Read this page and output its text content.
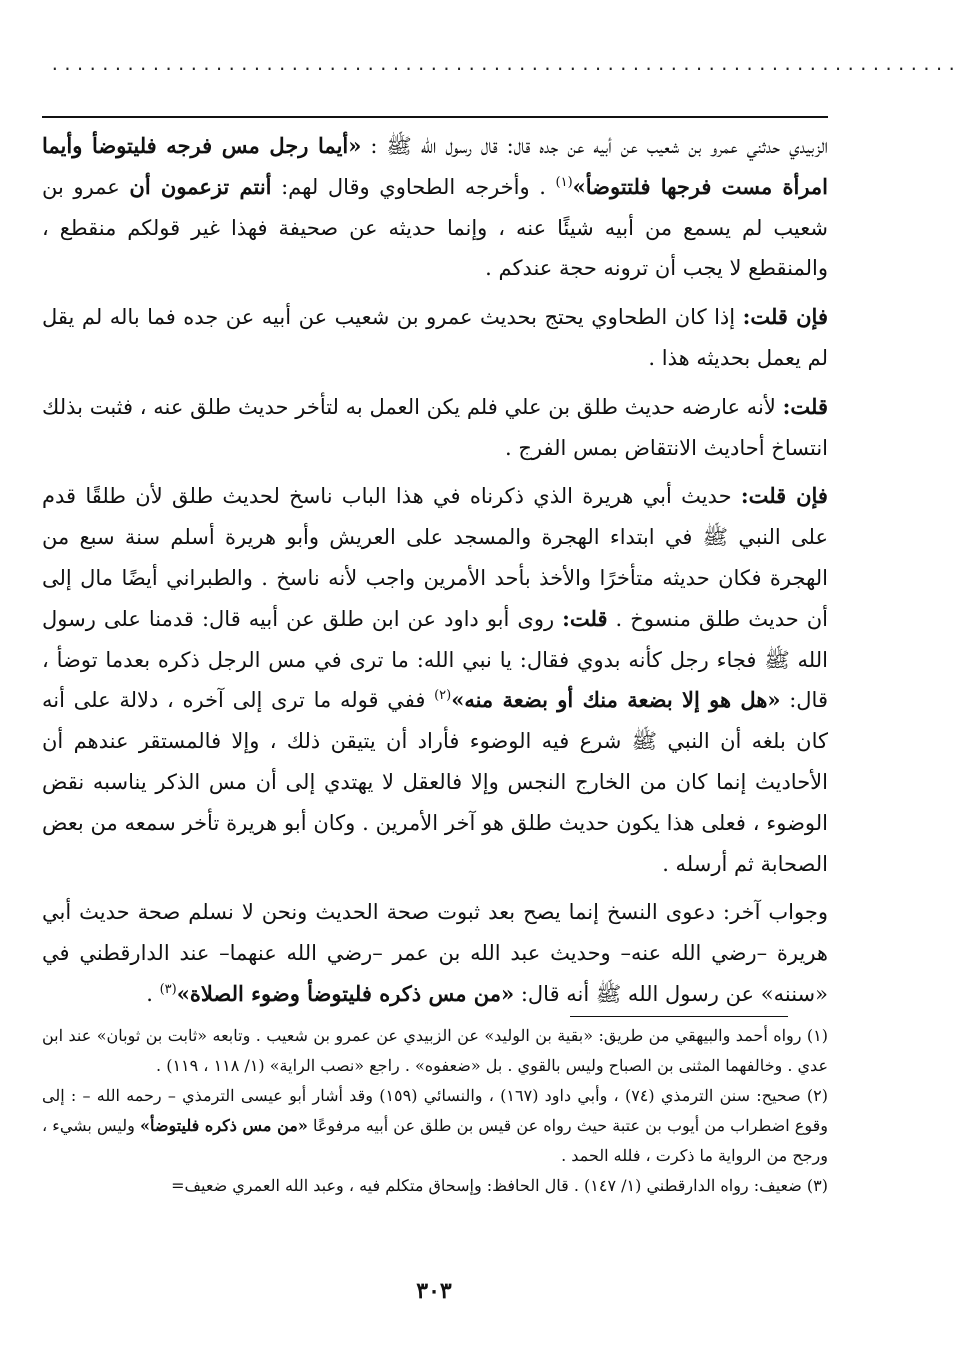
........................................................................

الزبيدي حدثني عمرو بن شعيب عن أبيه عن جده قال: قال رسول الله ﷺ : «أيما رجل مس فرجه فليتوضأ وأيما امرأة مست فرجها فلتتوضأ»$^{(١)}$ . وأخرجه الطحاوي وقال لهم: أنتم تزعمون أن عمرو بن شعيب لم يسمع من أبيه شيئًا عنه ، وإنما حديثه عن صحيفة فهذا غير قولكم منقطع ، والمنقطع لا يجب أن ترونه حجة عندكم .

فإن قلت: إذا كان الطحاوي يحتج بحديث عمرو بن شعيب عن أبيه عن جده فما باله لم يقل لم يعمل بحديثه هذا .

قلت: لأنه عارضه حديث طلق بن علي فلم يكن العمل به لتأخر حديث طلق عنه ، فثبت بذلك انتساخ أحاديث الانتقاض بمس الفرج .

فإن قلت: حديث أبي هريرة الذي ذكرناه في هذا الباب ناسخ لحديث طلق لأن طلقًا قدم على النبي ﷺ في ابتداء الهجرة والمسجد على العريش وأبو هريرة أسلم سنة سبع من الهجرة فكان حديثه متأخرًا والأخذ بأحد الأمرين واجب لأنه ناسخ . والطبراني أيضًا مال إلى أن حديث طلق منسوخ . قلت: روى أبو داود عن ابن طلق عن أبيه قال: قدمنا على رسول الله ﷺ فجاء رجل كأنه بدوي فقال: يا نبي الله: ما ترى في مس الرجل ذكره بعدما توضأ ، قال: «هل هو إلا بضعة منك أو بضعة منه»$^{(٢)}$ ففي قوله ما ترى إلى آخره ، دلالة على أنه كان بلغه أن النبي ﷺ شرع فيه الوضوء فأراد أن يتيقن ذلك ، وإلا فالمستقر عندهم أن الأحاديث إنما كان من الخارج النجس وإلا فالعقل لا يهتدي إلى أن مس الذكر يناسبه نقض الوضوء ، فعلى هذا يكون حديث طلق هو آخر الأمرين . وكان أبو هريرة تأخر سمعه من بعض الصحابة ثم أرسله .

وجواب آخر: دعوى النسخ إنما يصح بعد ثبوت صحة الحديث ونحن لا نسلم صحة حديث أبي هريرة –رضي الله عنه– وحديث عبد الله بن عمر –رضي الله عنهما– عند الدارقطني في «سننه» عن رسول الله ﷺ أنه قال: «من مس ذكره فليتوضأ وضوء الصلاة»$^{(٣)}$ .

(١) رواه أحمد والبيهقي من طريق: «بقية بن الوليد» عن الزبيدي عن عمرو بن شعيب . وتابعه «ثابت بن ثوبان» عند ابن عدي . وخالفهما المثنى بن الصباح وليس بالقوي . بل «ضعفوه» . راجع «نصب الراية» (١/ ١١٨ ، ١١٩) .

(٢) صحيح: سنن الترمذي (٧٤) ، وأبي داود (١٦٧) ، والنسائي (١٥٩) وقد أشار أبو عيسى الترمذي – رحمه الله – : إلى وقوع اضطراب من أيوب بن عتبة حيث رواه عن قيس بن طلق عن أبيه مرفوعًا «من مس ذكره فليتوضأ» وليس بشيء ، ورجح من الرواية ما ذكرت ، فلله الحمد .

(٣) ضعيف: رواه الدارقطني (١/ ١٤٧) . قال الحافظ: وإسحاق متكلم فيه ، وعبد الله العمري ضعيف=

٣٠٣
